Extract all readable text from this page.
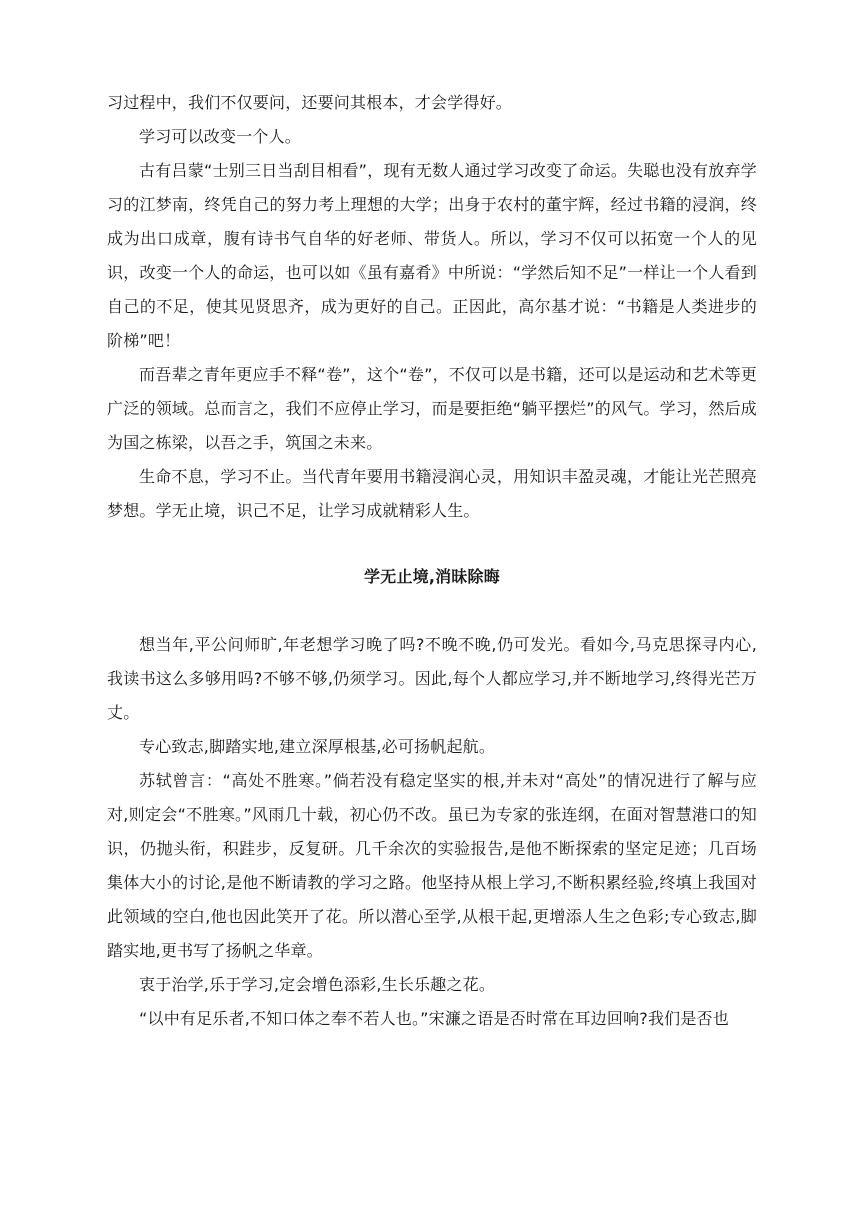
习过程中，我们不仅要问，还要问其根本，才会学得好。

学习可以改变一个人。

古有吕蒙“士别三日当刮目相看”，现有无数人通过学习改变了命运。失聪也没有放弃学习的江梦南，终凭自己的努力考上理想的大学；出身于农村的董宇辉，经过书籍的浸润，终成为出口成章，腹有诗书气自华的好老师、带货人。所以，学习不仅可以拓宽一个人的见识，改变一个人的命运，也可以如《虽有嘉肴》中所说：“学然后知不足”一样让一个人看到自己的不足，使其见贤思齐，成为更好的自己。正因此，高尔基才说：“书籍是人类进步的阶梯”吧！

而吾辈之青年更应手不释“卷”，这个“卷”，不仅可以是书籍，还可以是运动和艺术等更广泛的领域。总而言之，我们不应停止学习，而是要拒绝“躺平摆烂”的风气。学习，然后成为国之栋梁，以吾之手，筑国之未来。

生命不息，学习不止。当代青年要用书籍浸润心灵，用知识丰盈灵魂，才能让光芒照亮梦想。学无止境，识己不足，让学习成就精彩人生。

学无止境,消昧除晦

想当年,平公问师旷,年老想学习晚了吗?不晚不晚,仍可发光。看如今,马克思探寻内心,我读书这么多够用吗?不够不够,仍须学习。因此,每个人都应学习,并不断地学习,终得光芒万丈。

专心致志,脚踏实地,建立深厚根基,必可扬帆起航。

苏轼曾言：“高处不胜寒。”倘若没有稳定坚实的根,并未对“高处”的情况进行了解与应对,则定会“不胜寒。”风雨几十载，初心仍不改。虽已为专家的张连纲，在面对智慧港口的知识，仍抛头衔，积跬步，反复研。几千余次的实验报告,是他不断探索的坚定足迹；几百场集体大小的讨论,是他不断请教的学习之路。他坚持从根上学习,不断积累经验,终填上我国对此领域的空白,他也因此笑开了花。所以潜心至学,从根干起,更增添人生之色彩;专心致志,脚踏实地,更书写了扬帆之华章。

衷于治学,乐于学习,定会增色添彩,生长乐趣之花。

“以中有足乐者,不知口体之奉不若人也。”宋濂之语是否时常在耳边回响?我们是否也
